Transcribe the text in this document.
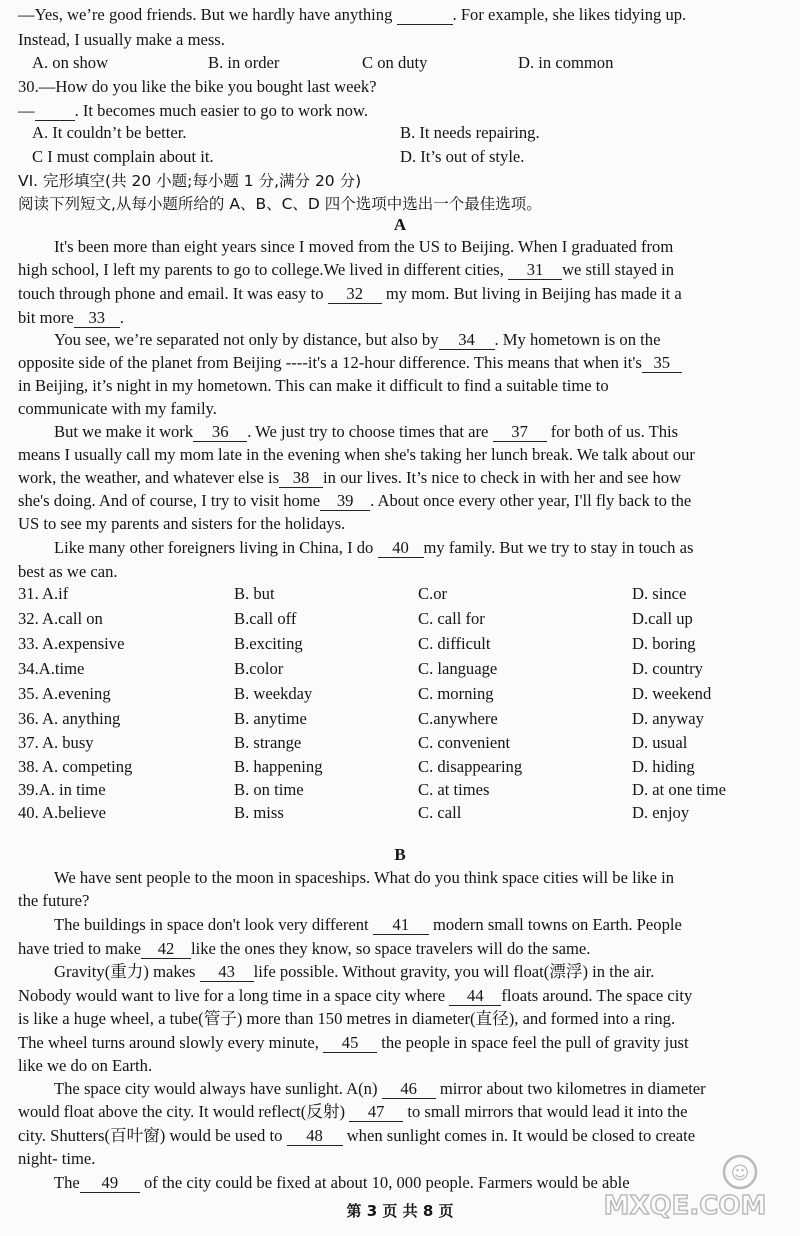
—Yes, we’re good friends. But we hardly have anything	. For example, she likes tidying up.
Instead, I usually make a mess.
A. on show	B. in order	C on duty	D. in common
30.—How do you like the bike you bought last week?
— . It becomes much easier to go to work now.
A. It couldn’t be better.	B. It needs repairing.
C I must complain about it.	D. It’s out of style.
VI. 完形填空(共 20 小题;每小题 1 分,满分 20 分)
阅读下列短文,从每小题所给的 A、B、C、D 四个选项中选出一个最佳选项。
A
It's been more than eight years since I moved from the US to Beijing. When I graduated from
high school, I left my parents to go to college.We lived in different cities, 31 we still stayed in
touch through phone and email. It was easy to 32 my mom. But living in Beijing has made it a
bit more 33 .
You see, we’re separated not only by distance, but also by 34 . My hometown is on the
opposite side of the planet from Beijing ----it's a 12-hour difference. This means that when it's 35
in Beijing, it’s night in my hometown. This can make it difficult to find a suitable time to
communicate with my family.
But we make it work 36 . We just try to choose times that are 37 for both of us. This
means I usually call my mom late in the evening when she's taking her lunch break. We talk about our
work, the weather, and whatever else is 38 in our lives. It’s nice to check in with her and see how
she's doing. And of course, I try to visit home 39 . About once every other year, I'll fly back to the
US to see my parents and sisters for the holidays.
Like many other foreigners living in China, I do 40 my family. But we try to stay in touch as
best as we can.
31. A.if	B. but	C.or	D. since
32. A.call on	B.call off	C. call for	D.call up
33. A.expensive	B.exciting	C. difficult	D. boring
34.A.time	B.color	C. language	D. country
35. A.evening	B. weekday	C. morning	D. weekend
36. A. anything	B. anytime	C.anywhere	D. anyway
37. A. busy	B. strange	C. convenient	D. usual
38. A. competing	B. happening	C. disappearing	D. hiding
39.A. in time	B. on time	C. at times	D. at one time
40. A.believe	B. miss	C. call	D. enjoy
B
We have sent people to the moon in spaceships. What do you think space cities will be like in
the future?
The buildings in space don't look very different 41 modern small towns on Earth. People
have tried to make 42 like the ones they know, so space travelers will do the same.
Gravity(重力) makes 43 life possible. Without gravity, you will float(漂浮) in the air.
Nobody would want to live for a long time in a space city where 44 floats around. The space city
is like a huge wheel, a tube(管子) more than 150 metres in diameter(直径), and formed into a ring.
The wheel turns around slowly every minute, 45 the people in space feel the pull of gravity just
like we do on Earth.
The space city would always have sunlight. A(n) 46 mirror about two kilometres in diameter
would float above the city. It would reflect(反射) 47 to small mirrors that would lead it into the
city. Shutters(百叶窗) would be used to 48 when sunlight comes in. It would be closed to create
night- time.
The 49 of the city could be fixed at about 10, 000 people. Farmers would be able
第 3 页 共 8 页
☺
MXQE.COM
